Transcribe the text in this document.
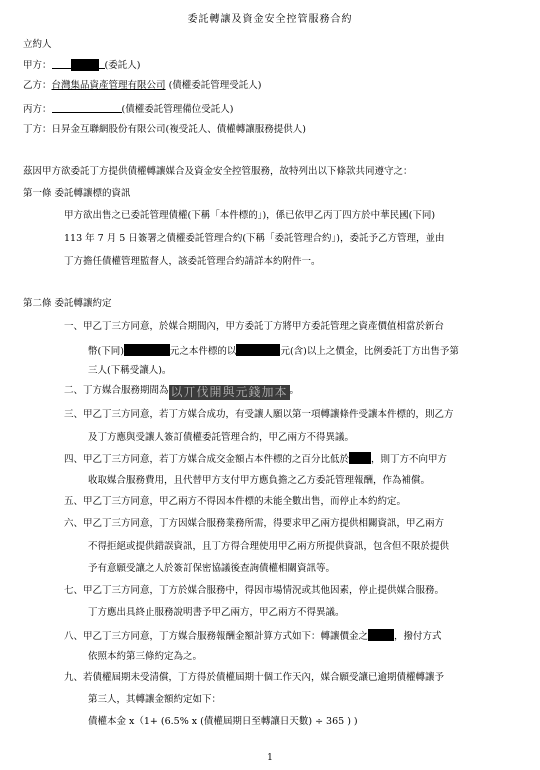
委託轉讓及資金安全控管服務合約
立約人
甲方：	(委託人)
乙方：台灣集品資產管理有限公司 (債權委託管理受託人)
丙方：	(債權委託管理備位受託人)
丁方：日昇金互聯網股份有限公司(複受託人、債權轉讓服務提供人)
茲因甲方欲委託丁方提供債權轉讓媒合及資金安全控管服務，故特列出以下條款共同遵守之：
第一條 委託轉讓標的資訊
甲方欲出售之已委託管理債權(下稱「本件標的」)，係已依甲乙丙丁四方於中華民國(下同)
113 年 7 月 5 日簽署之債權委託管理合約(下稱「委託管理合約」)，委託予乙方管理，並由
丁方擔任債權管理監督人，該委託管理合約請詳本約附件一。
第二條 委託轉讓約定
一、甲乙丁三方同意，於媒合期間內，甲方委託丁方將甲方委託管理之資產價值相當於新台
幣(下同)	元之本件標的以	元(含)以上之價金，比例委託丁方出售予第
三人(下稱受讓人)。
二、丁方媒合服務期間為 以丌伐開與元錢加本 。
三、甲乙丁三方同意，若丁方媒合成功，有受讓人願以第一項轉讓條件受讓本件標的，則乙方
及丁方應與受讓人簽訂債權委託管理合約，甲乙兩方不得異議。
四、甲乙丁三方同意，若丁方媒合成交金額占本件標的之百分比低於 ，則丁方不向甲方
收取媒合服務費用，且代替甲方支付甲方應負擔之乙方委託管理報酬，作為補償。
五、甲乙丁三方同意，甲乙兩方不得因本件標的未能全數出售，而停止本約約定。
六、甲乙丁三方同意，丁方因媒合服務業務所需，得要求甲乙兩方提供相關資訊，甲乙兩方
不得拒絕或提供錯誤資訊，且丁方得合理使用甲乙兩方所提供資訊，包含但不限於提供
予有意願受讓之人於簽訂保密協議後查詢債權相關資訊等。
七、甲乙丁三方同意，丁方於媒合服務中，得因市場情況或其他因素，停止提供媒合服務。
丁方應出具終止服務說明書予甲乙兩方，甲乙兩方不得異議。
八、甲乙丁三方同意，丁方媒合服務報酬金額計算方式如下：轉讓價金之	，撥付方式
依照本約第三條約定為之。
九、若債權屆期未受清償，丁方得於債權屆期十個工作天內，媒合願受讓已逾期債權轉讓予
第三人，其轉讓金額約定如下：
債權本金 x（1+ (6.5% x (債權屆期日至轉讓日天數) ÷ 365 ) )
1
